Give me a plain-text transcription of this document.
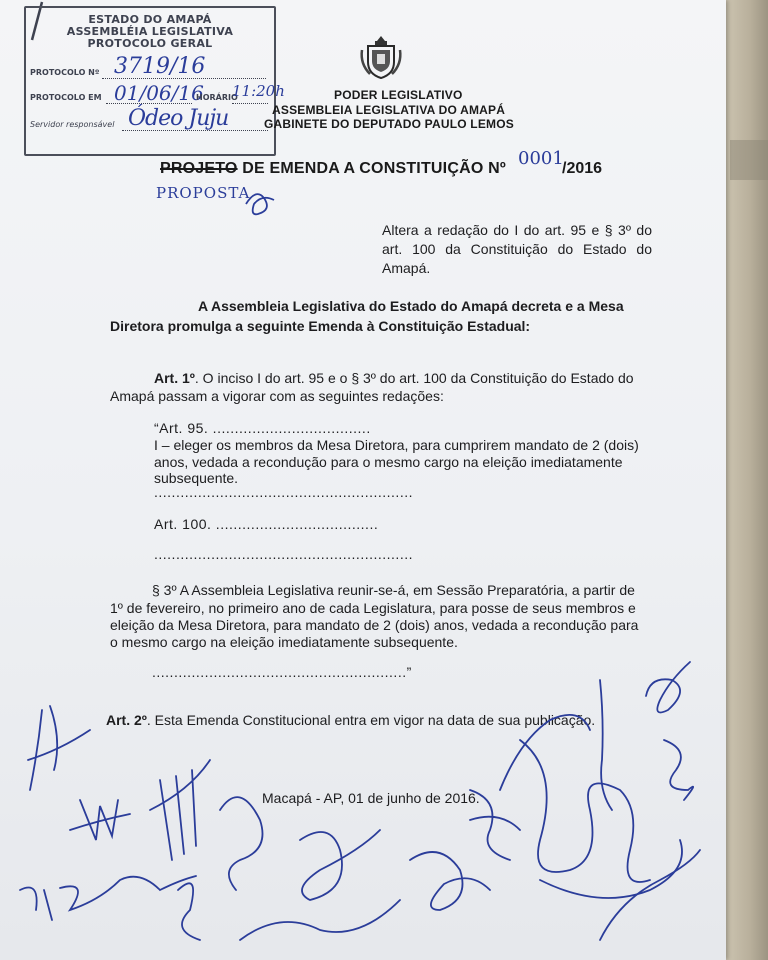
ESTADO DO AMAPÁ
ASSEMBLÉIA LEGISLATIVA
PROTOCOLO GERAL
PROTOCOLO Nº 3719/16
PROTOCOLO EM 01/06/16
HORÁRIO
11:20h
Servidor responsável Ódeo Juju
PODER LEGISLATIVO
ASSEMBLEIA LEGISLATIVA DO AMAPÁ
GABINETE DO DEPUTADO PAULO LEMOS
PROJETO DE EMENDA A CONSTITUIÇÃO Nº 0001
/2016
PROPOSTA
Altera a redação do I do art. 95 e § 3º do
art. 100 da Constituição do Estado do
Amapá.
A Assembleia Legislativa do Estado do Amapá decreta e a Mesa
Diretora promulga a seguinte Emenda à Constituição Estadual:
Art. 1º. O inciso I do art. 95 e o § 3º do art. 100 da Constituição do Estado do
Amapá passam a vigorar com as seguintes redações:
“Art. 95. ....................................
I – eleger os membros da Mesa Diretora, para cumprirem mandato de 2 (dois)
anos, vedada a recondução para o mesmo cargo na eleição imediatamente
subsequente.
...........................................................
Art. 100. .....................................
...........................................................
§ 3º A Assembleia Legislativa reunir-se-á, em Sessão Preparatória, a partir de
1º de fevereiro, no primeiro ano de cada Legislatura, para posse de seus membros e
eleição da Mesa Diretora, para mandato de 2 (dois) anos, vedada a recondução para
o mesmo cargo na eleição imediatamente subsequente.
..........................................................”
Art. 2º. Esta Emenda Constitucional entra em vigor na data de sua publicação.
Macapá - AP, 01 de junho de 2016.
